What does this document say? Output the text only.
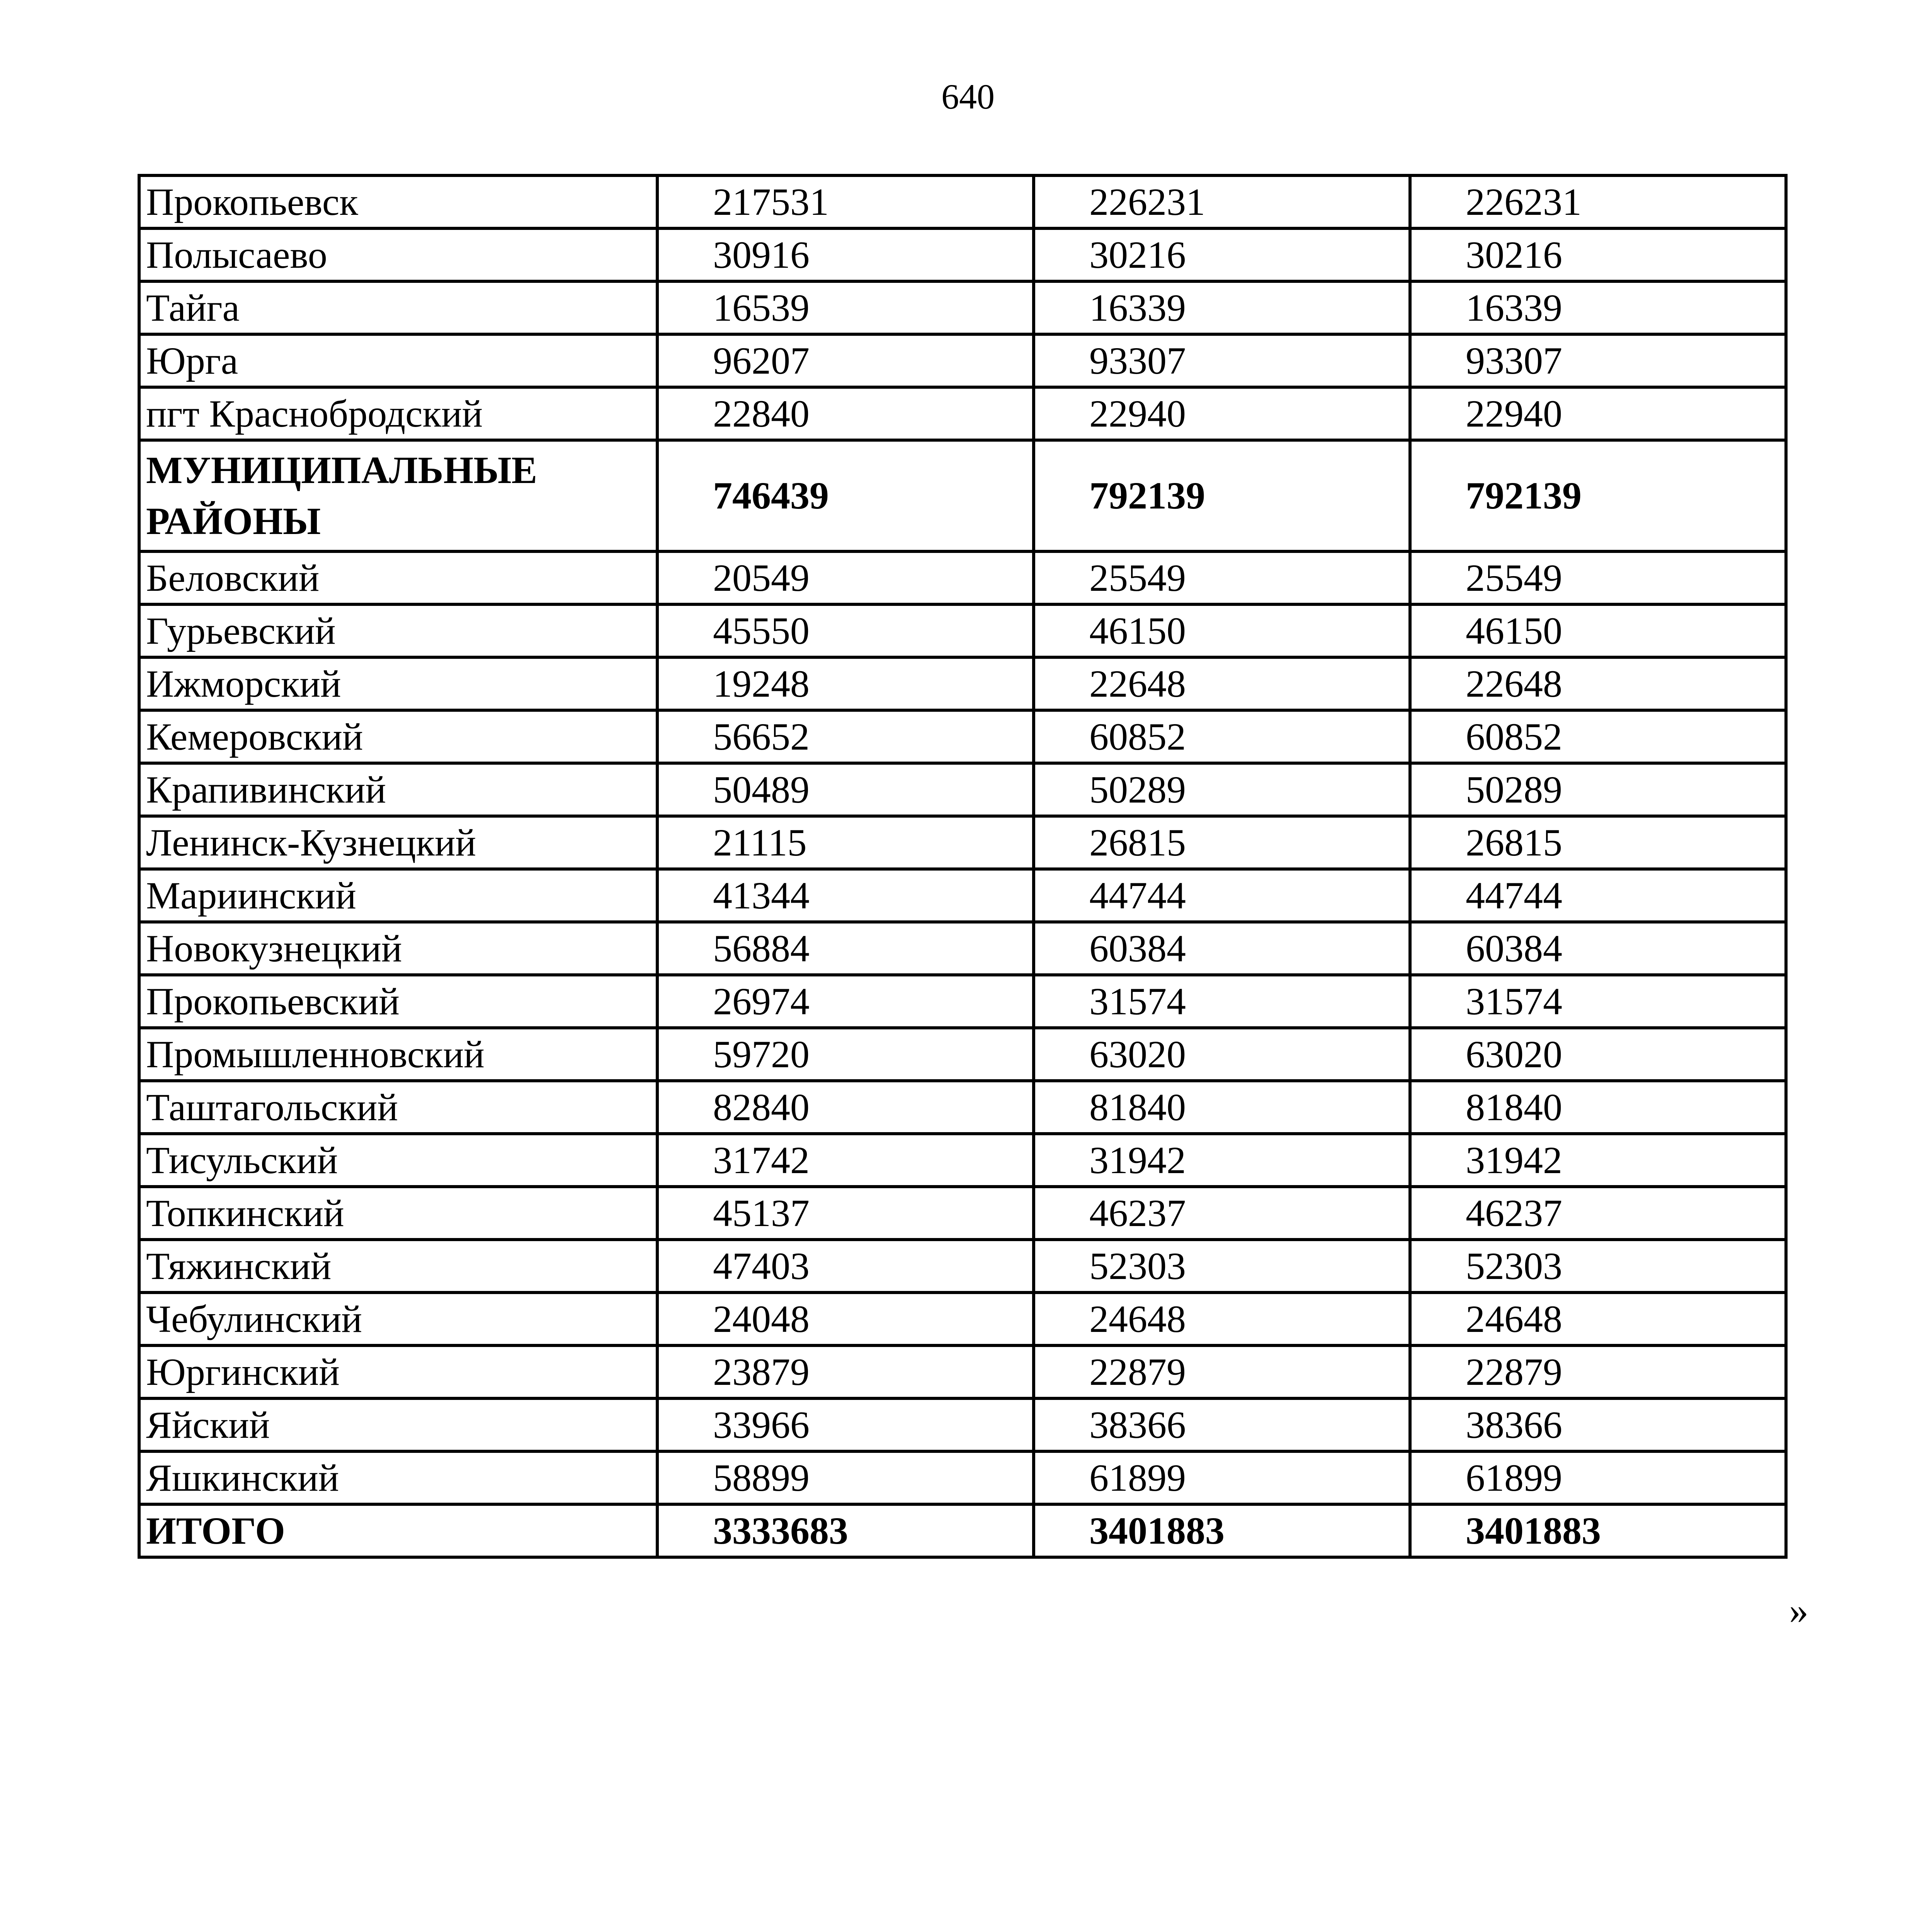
640
Прокопьевск	217531	226231	226231
Полысаево	30916	30216	30216
Тайга	16539	16339	16339
Юрга	96207	93307	93307
пгт Краснобродский	22840	22940	22940
МУНИЦИПАЛЬНЫЕ РАЙОНЫ	746439	792139	792139
Беловский	20549	25549	25549
Гурьевский	45550	46150	46150
Ижморский	19248	22648	22648
Кемеровский	56652	60852	60852
Крапивинский	50489	50289	50289
Ленинск-Кузнецкий	21115	26815	26815
Мариинский	41344	44744	44744
Новокузнецкий	56884	60384	60384
Прокопьевский	26974	31574	31574
Промышленновский	59720	63020	63020
Таштагольский	82840	81840	81840
Тисульский	31742	31942	31942
Топкинский	45137	46237	46237
Тяжинский	47403	52303	52303
Чебулинский	24048	24648	24648
Юргинский	23879	22879	22879
Яйский	33966	38366	38366
Яшкинский	58899	61899	61899
ИТОГО	3333683	3401883	3401883
»
